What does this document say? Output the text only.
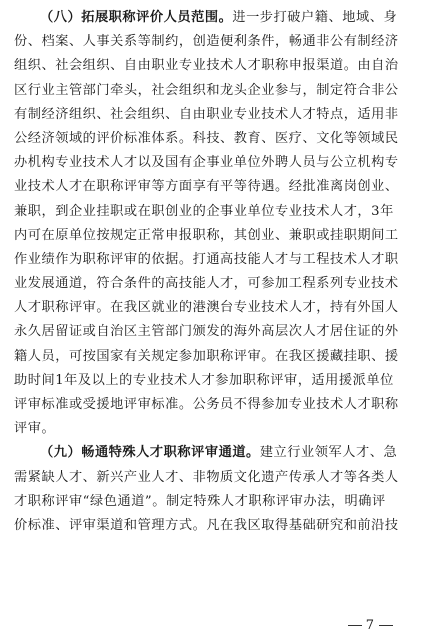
（八）拓展职称评价人员范围。进一步打破户籍、地域、身
份、档案、人事关系等制约，创造便利条件，畅通非公有制经济
组织、社会组织、自由职业专业技术人才职称申报渠道。由自治
区行业主管部门牵头，社会组织和龙头企业参与，制定符合非公
有制经济组织、社会组织、自由职业专业技术人才特点，适用非
公经济领域的评价标准体系。科技、教育、医疗、文化等领域民
办机构专业技术人才以及国有企事业单位外聘人员与公立机构专
业技术人才在职称评审等方面享有平等待遇。经批准离岗创业、
兼职，到企业挂职或在职创业的企事业单位专业技术人才，3年
内可在原单位按规定正常申报职称，其创业、兼职或挂职期间工
作业绩作为职称评审的依据。打通高技能人才与工程技术人才职
业发展通道，符合条件的高技能人才，可参加工程系列专业技术
人才职称评审。在我区就业的港澳台专业技术人才，持有外国人
永久居留证或自治区主管部门颁发的海外高层次人才居住证的外
籍人员，可按国家有关规定参加职称评审。在我区援藏挂职、援
助时间1年及以上的专业技术人才参加职称评审，适用援派单位
评审标准或受援地评审标准。公务员不得参加专业技术人才职称
评审。
（九）畅通特殊人才职称评审通道。建立行业领军人才、急
需紧缺人才、新兴产业人才、非物质文化遗产传承人才等各类人
才职称评审“绿色通道”。制定特殊人才职称评审办法，明确评
价标准、评审渠道和管理方式。凡在我区取得基础研究和前沿技
7
